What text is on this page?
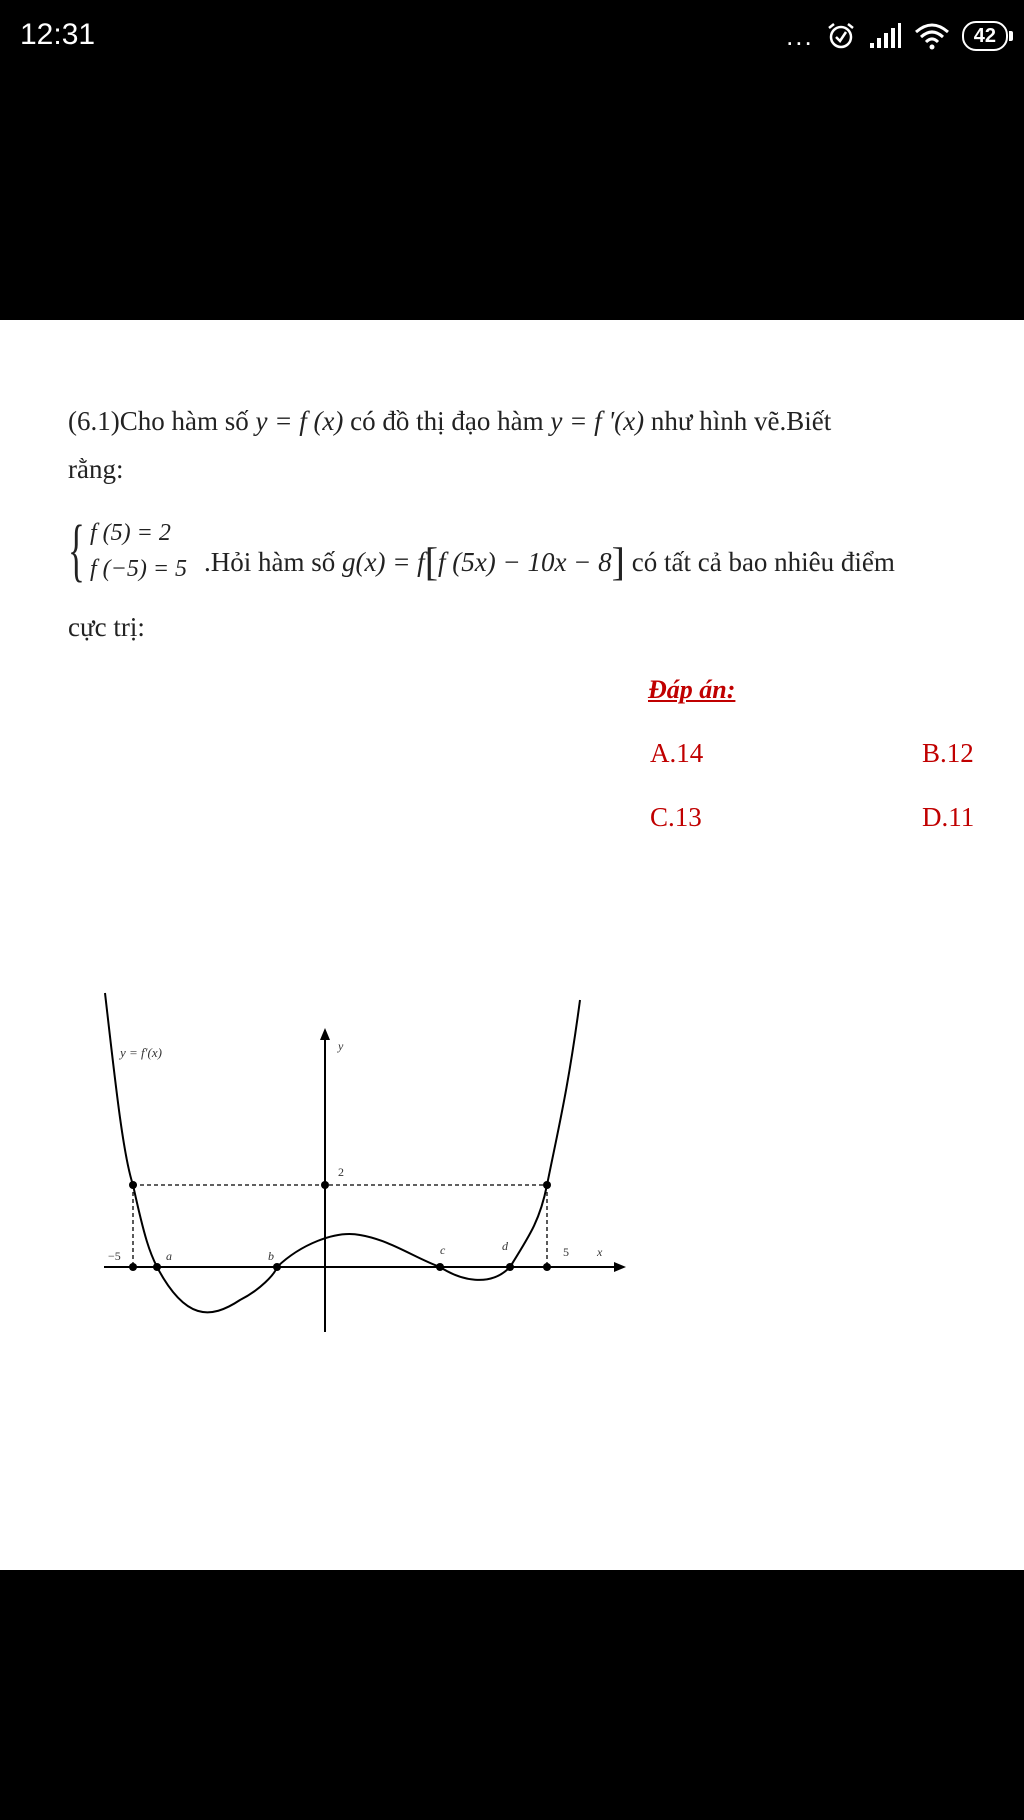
12:31	...	42
(6.1)Cho hàm số y = f (x) có đồ thị đạo hàm y = f '(x) như hình vẽ.Biết
rằng:
{ f (5) = 2
f (−5) = 5 .Hỏi hàm số g(x) = f[f (5x) − 10x − 8] có tất cả bao nhiêu điểm
cực trị:
y = f′(x)	y
x
2
−5	5
a	b	c	d
Đáp án:
A.14	B.12
C.13	D.11
